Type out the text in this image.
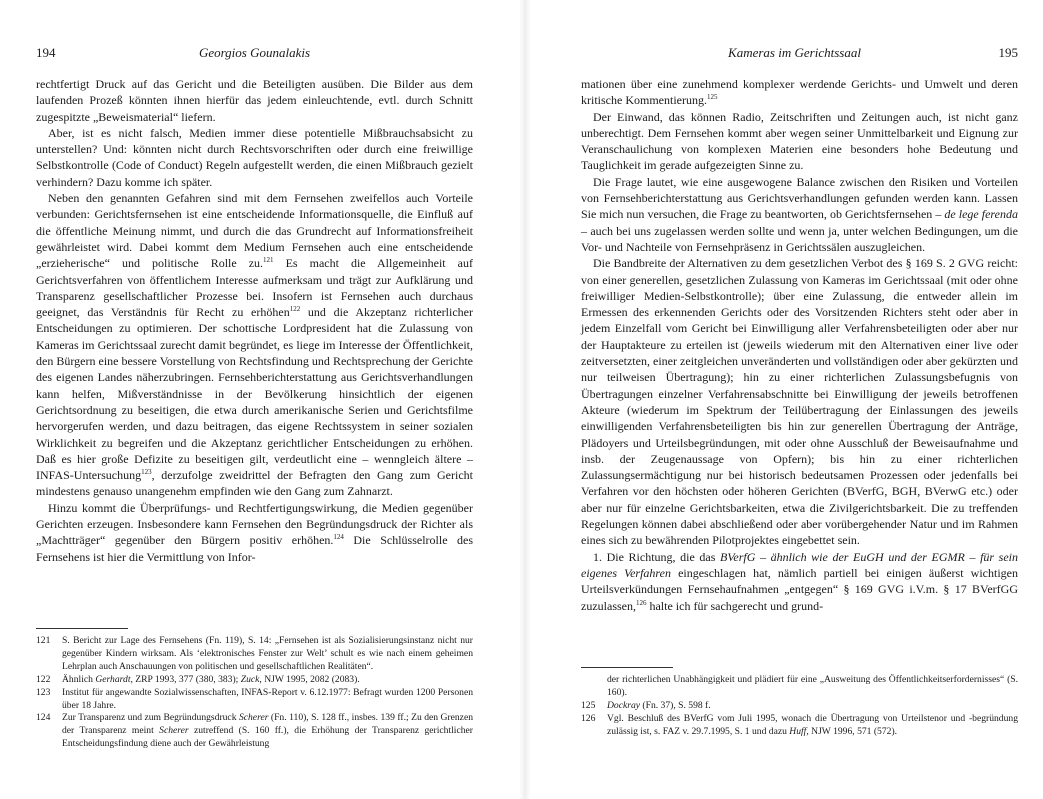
194	Georgios Gounalakis

rechtfertigt Druck auf das Gericht und die Beteiligten ausüben. Die Bilder aus dem laufenden Prozeß könnten ihnen hierfür das jedem einleuchtende, evtl. durch Schnitt zugespitzte „Beweismaterial“ liefern.

Aber, ist es nicht falsch, Medien immer diese potentielle Mißbrauchsabsicht zu unterstellen? Und: könnten nicht durch Rechtsvorschriften oder durch eine freiwillige Selbstkontrolle (Code of Conduct) Regeln aufgestellt werden, die einen Mißbrauch gezielt verhindern? Dazu komme ich später.

Neben den genannten Gefahren sind mit dem Fernsehen zweifellos auch Vorteile verbunden: Gerichtsfernsehen ist eine entscheidende Informationsquelle, die Einfluß auf die öffentliche Meinung nimmt, und durch die das Grundrecht auf Informationsfreiheit gewährleistet wird. Dabei kommt dem Medium Fernsehen auch eine entscheidende „erzieherische“ und politische Rolle zu.$^{121}$ Es macht die Allgemeinheit auf Gerichtsverfahren von öffentlichem Interesse aufmerksam und trägt zur Aufklärung und Transparenz gesellschaftlicher Prozesse bei. Insofern ist Fernsehen auch durchaus geeignet, das Verständnis für Recht zu erhöhen$^{122}$ und die Akzeptanz richterlicher Entscheidungen zu optimieren. Der schottische Lordpresident hat die Zulassung von Kameras im Gerichtssaal zurecht damit begründet, es liege im Interesse der Öffentlichkeit, den Bürgern eine bessere Vorstellung von Rechtsfindung und Rechtsprechung der Gerichte des eigenen Landes näherzubringen. Fernsehberichterstattung aus Gerichtsverhandlungen kann helfen, Mißverständnisse in der Bevölkerung hinsichtlich der eigenen Gerichtsordnung zu beseitigen, die etwa durch amerikanische Serien und Gerichtsfilme hervorgerufen werden, und dazu beitragen, das eigene Rechtssystem in seiner sozialen Wirklichkeit zu begreifen und die Akzeptanz gerichtlicher Entscheidungen zu erhöhen. Daß es hier große Defizite zu beseitigen gilt, verdeutlicht eine – wenngleich ältere – INFAS-Untersuchung$^{123}$, derzufolge zweidrittel der Befragten den Gang zum Gericht mindestens genauso unangenehm empfinden wie den Gang zum Zahnarzt.

Hinzu kommt die Überprüfungs- und Rechtfertigungswirkung, die Medien gegenüber Gerichten erzeugen. Insbesondere kann Fernsehen den Begründungsdruck der Richter als „Machtträger“ gegenüber den Bürgern positiv erhöhen.$^{124}$ Die Schlüsselrolle des Fernsehens ist hier die Vermittlung von Infor-

121	S. Bericht zur Lage des Fernsehens (Fn. 119), S. 14: „Fernsehen ist als Sozialisierungsinstanz nicht nur gegenüber Kindern wirksam. Als ‘elektronisches Fenster zur Welt’ schult es wie nach einem geheimen Lehrplan auch Anschauungen von politischen und gesellschaftlichen Realitäten“.
122	Ähnlich Gerhardt, ZRP 1993, 377 (380, 383); Zuck, NJW 1995, 2082 (2083).
123	Institut für angewandte Sozialwissenschaften, INFAS-Report v. 6.12.1977: Befragt wurden 1200 Personen über 18 Jahre.
124	Zur Transparenz und zum Begründungsdruck Scherer (Fn. 110), S. 128 ff., insbes. 139 ff.; Zu den Grenzen der Transparenz meint Scherer zutreffend (S. 160 ff.), die Erhöhung der Transparenz gerichtlicher Entscheidungsfindung diene auch der Gewährleistung
Kameras im Gerichtssaal	195

mationen über eine zunehmend komplexer werdende Gerichts- und Umwelt und deren kritische Kommentierung.$^{125}$

Der Einwand, das können Radio, Zeitschriften und Zeitungen auch, ist nicht ganz unberechtigt. Dem Fernsehen kommt aber wegen seiner Unmittelbarkeit und Eignung zur Veranschaulichung von komplexen Materien eine besonders hohe Bedeutung und Tauglichkeit im gerade aufgezeigten Sinne zu.

Die Frage lautet, wie eine ausgewogene Balance zwischen den Risiken und Vorteilen von Fernsehberichterstattung aus Gerichtsverhandlungen gefunden werden kann. Lassen Sie mich nun versuchen, die Frage zu beantworten, ob Gerichtsfernsehen – de lege ferenda – auch bei uns zugelassen werden sollte und wenn ja, unter welchen Bedingungen, um die Vor- und Nachteile von Fernsehpräsenz in Gerichtssälen auszugleichen.

Die Bandbreite der Alternativen zu dem gesetzlichen Verbot des § 169 S. 2 GVG reicht: von einer generellen, gesetzlichen Zulassung von Kameras im Gerichtssaal (mit oder ohne freiwilliger Medien-Selbstkontrolle); über eine Zulassung, die entweder allein im Ermessen des erkennenden Gerichts oder des Vorsitzenden Richters steht oder aber in jedem Einzelfall vom Gericht bei Einwilligung aller Verfahrensbeteiligten oder aber nur der Hauptakteure zu erteilen ist (jeweils wiederum mit den Alternativen einer live oder zeitversetzten, einer zeitgleichen unveränderten und vollständigen oder aber gekürzten und nur teilweisen Übertragung); hin zu einer richterlichen Zulassungsbefugnis von Übertragungen einzelner Verfahrensabschnitte bei Einwilligung der jeweils betroffenen Akteure (wiederum im Spektrum der Teilübertragung der Einlassungen des jeweils einwilligenden Verfahrensbeteiligten bis hin zur generellen Übertragung der Anträge, Plädoyers und Urteilsbegründungen, mit oder ohne Ausschluß der Beweisaufnahme und insb. der Zeugenaussage von Opfern); bis hin zu einer richterlichen Zulassungsermächtigung nur bei historisch bedeutsamen Prozessen oder jedenfalls bei Verfahren vor den höchsten oder höheren Gerichten (BVerfG, BGH, BVerwG etc.) oder aber nur für einzelne Gerichtsbarkeiten, etwa die Zivilgerichtsbarkeit. Die zu treffenden Regelungen können dabei abschließend oder aber vorübergehender Natur und im Rahmen eines sich zu bewährenden Pilotprojektes eingebettet sein.

1. Die Richtung, die das BVerfG – ähnlich wie der EuGH und der EGMR – für sein eigenes Verfahren eingeschlagen hat, nämlich partiell bei einigen äußerst wichtigen Urteilsverkündungen Fernsehaufnahmen „entgegen“ § 169 GVG i.V.m. § 17 BVerfGG zuzulassen,$^{126}$ halte ich für sachgerecht und grund-

der richterlichen Unabhängigkeit und plädiert für eine „Ausweitung des Öffentlichkeitserfordernisses“ (S. 160).
125	Dockray (Fn. 37), S. 598 f.
126	Vgl. Beschluß des BVerfG vom Juli 1995, wonach die Übertragung von Urteilstenor und -begründung zulässig ist, s. FAZ v. 29.7.1995, S. 1 und dazu Huff, NJW 1996, 571 (572).
